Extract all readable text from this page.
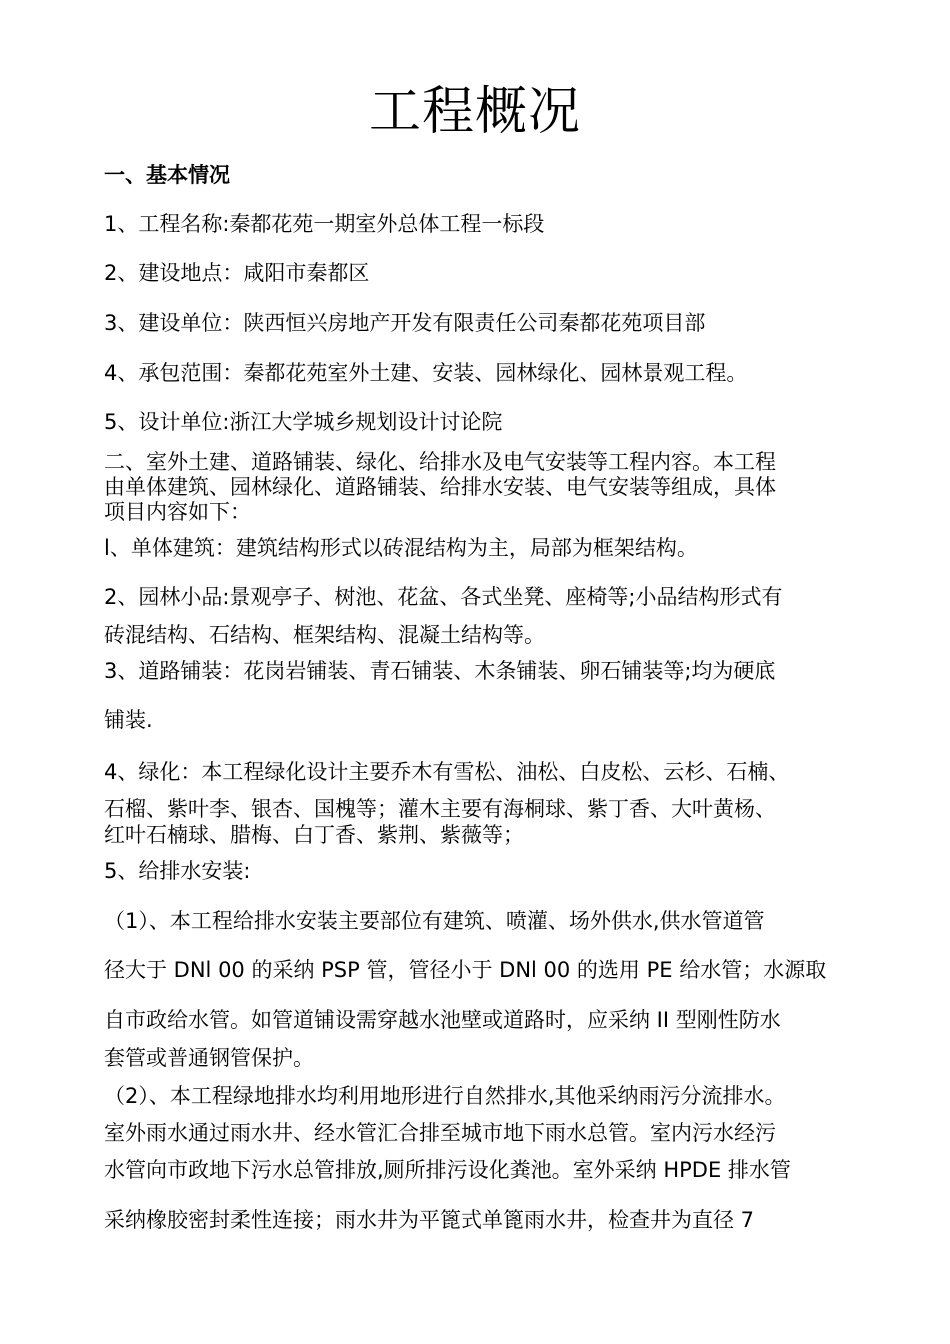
工程概况
一、基本情况
1、工程名称:秦都花苑一期室外总体工程一标段
2、建设地点：咸阳市秦都区
3、建设单位：陕西恒兴房地产开发有限责任公司秦都花苑项目部
4、承包范围：秦都花苑室外土建、安装、园林绿化、园林景观工程。
5、设计单位:浙江大学城乡规划设计讨论院
二、室外土建、道路铺装、绿化、给排水及电气安装等工程内容。本工程
由单体建筑、园林绿化、道路铺装、给排水安装、电气安装等组成，具体
项目内容如下：
l、单体建筑：建筑结构形式以砖混结构为主，局部为框架结构。
2、园林小品:景观亭子、树池、花盆、各式坐凳、座椅等;小品结构形式有
砖混结构、石结构、框架结构、混凝土结构等。
3、道路铺装：花岗岩铺装、青石铺装、木条铺装、卵石铺装等;均为硬底
铺装.
4、绿化：本工程绿化设计主要乔木有雪松、油松、白皮松、云杉、石楠、
石榴、紫叶李、银杏、国槐等；灌木主要有海桐球、紫丁香、大叶黄杨、
红叶石楠球、腊梅、白丁香、紫荆、紫薇等；
5、给排水安装:
（1）、本工程给排水安装主要部位有建筑、喷灌、场外供水,供水管道管
径大于 DNl 00 的采纳 PSP 管，管径小于 DNl 00 的选用 PE 给水管；水源取
自市政给水管。如管道铺设需穿越水池壁或道路时，应采纳 II 型刚性防水
套管或普通钢管保护。
（2）、本工程绿地排水均利用地形进行自然排水,其他采纳雨污分流排水。
室外雨水通过雨水井、经水管汇合排至城市地下雨水总管。室内污水经污
水管向市政地下污水总管排放,厕所排污设化粪池。室外采纳 HPDE 排水管
采纳橡胶密封柔性连接；雨水井为平篦式单篦雨水井，检查井为直径 7
